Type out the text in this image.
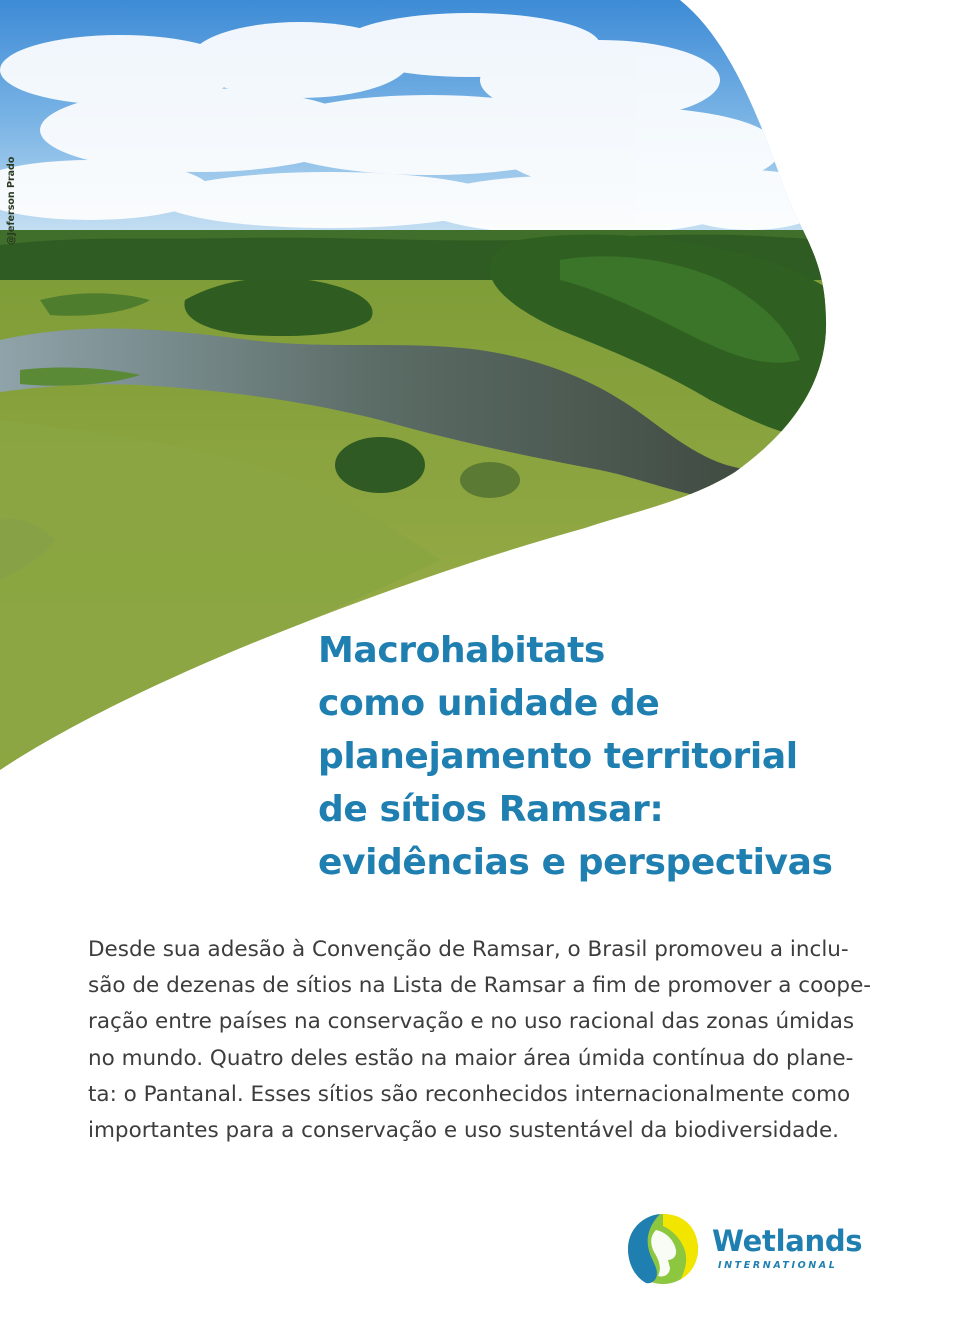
@Jeferson Prado
Macrohabitats
como unidade de
planejamento territorial
de sítios Ramsar:
evidências e perspectivas
Desde sua adesão à Convenção de Ramsar, o Brasil promoveu a inclu-
são de dezenas de sítios na Lista de Ramsar a fim de promover a coope-
ração entre países na conservação e no uso racional das zonas úmidas
no mundo. Quatro deles estão na maior área úmida contínua do plane-
ta: o Pantanal. Esses sítios são reconhecidos internacionalmente como
importantes para a conservação e uso sustentável da biodiversidade.
Wetlands
INTERNATIONAL
